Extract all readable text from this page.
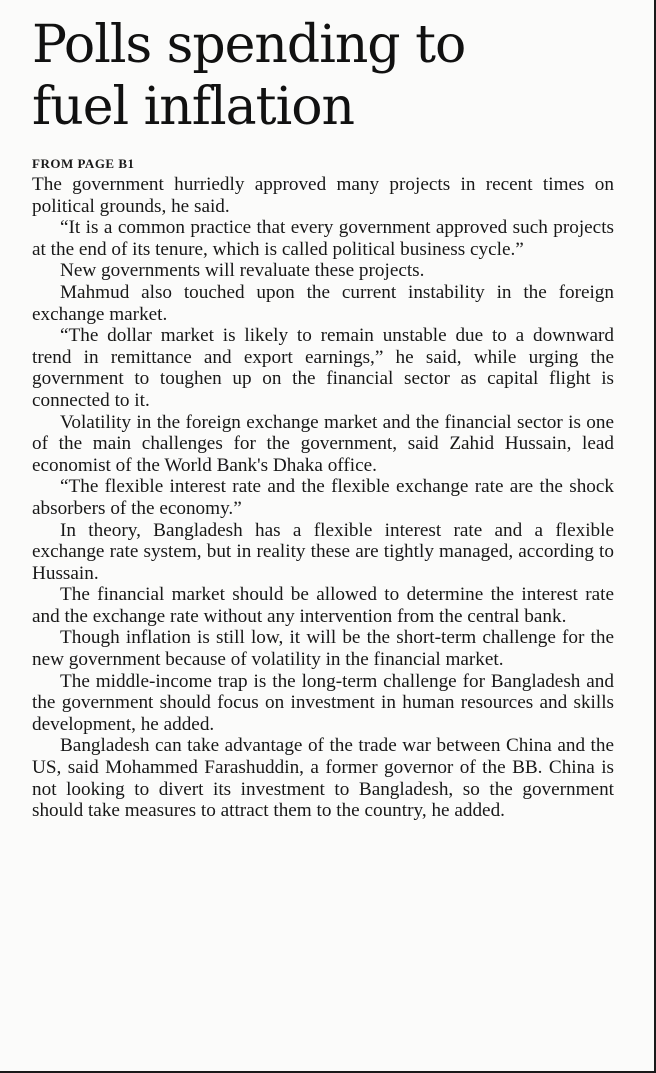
Polls spending to
fuel inflation
FROM PAGE B1

The government hurriedly approved many projects in recent times on political grounds, he said.

“It is a common practice that every government approved such projects at the end of its tenure, which is called political business cycle.”

New governments will revaluate these projects.

Mahmud also touched upon the current instability in the foreign exchange market.

“The dollar market is likely to remain unstable due to a downward trend in remittance and export earnings,” he said, while urging the government to toughen up on the financial sector as capital flight is connected to it.

Volatility in the foreign exchange market and the financial sector is one of the main challenges for the government, said Zahid Hussain, lead economist of the World Bank's Dhaka office.

“The flexible interest rate and the flexible exchange rate are the shock absorbers of the economy.”

In theory, Bangladesh has a flexible interest rate and a flexible exchange rate system, but in reality these are tightly managed, according to Hussain.

The financial market should be allowed to determine the interest rate and the exchange rate without any intervention from the central bank.

Though inflation is still low, it will be the short-term challenge for the new government because of volatility in the financial market.

The middle-income trap is the long-term challenge for Bangladesh and the government should focus on investment in human resources and skills development, he added.

Bangladesh can take advantage of the trade war between China and the US, said Mohammed Farashuddin, a former governor of the BB. China is not looking to divert its investment to Bangladesh, so the government should take measures to attract them to the country, he added.
